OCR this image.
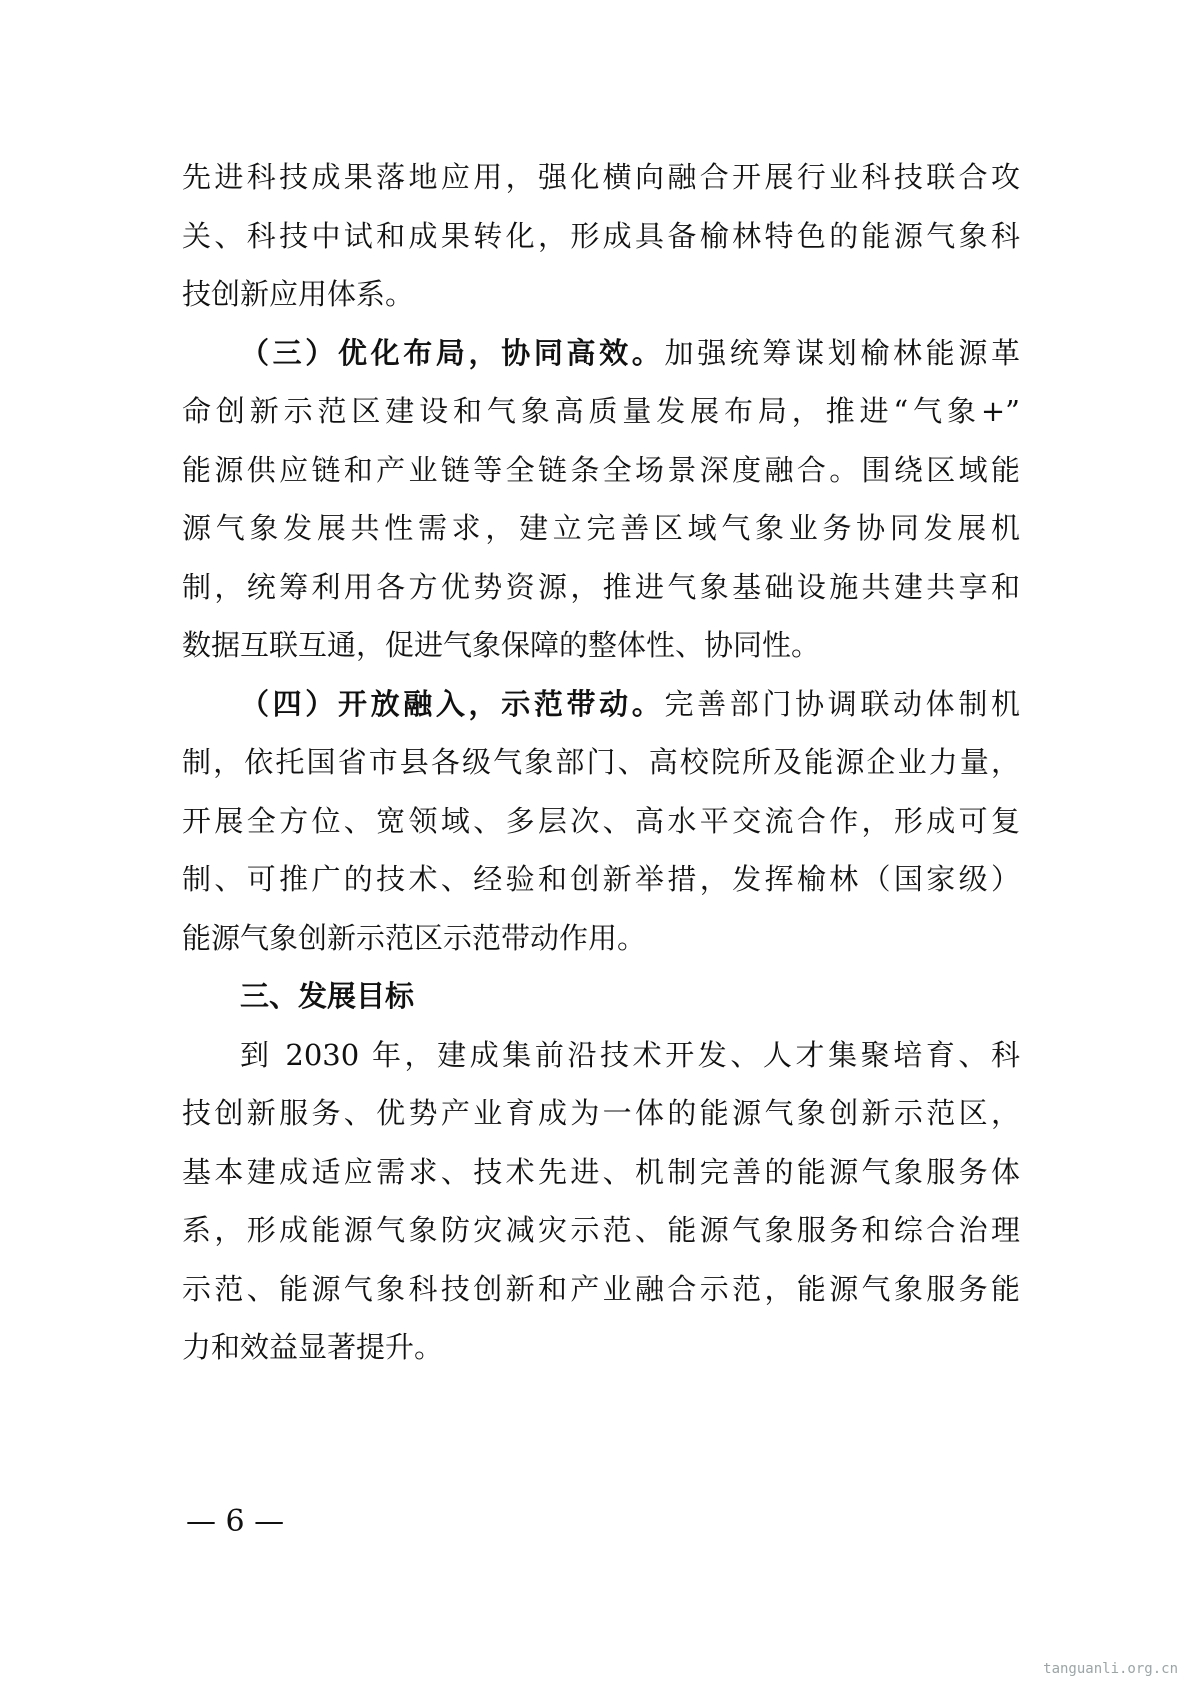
先进科技成果落地应用，强化横向融合开展行业科技联合攻
关、科技中试和成果转化，形成具备榆林特色的能源气象科
技创新应用体系。
（三）优化布局，协同高效。加强统筹谋划榆林能源革
命创新示范区建设和气象高质量发展布局，推进“气象+”
能源供应链和产业链等全链条全场景深度融合。围绕区域能
源气象发展共性需求，建立完善区域气象业务协同发展机
制，统筹利用各方优势资源，推进气象基础设施共建共享和
数据互联互通，促进气象保障的整体性、协同性。
（四）开放融入，示范带动。完善部门协调联动体制机
制，依托国省市县各级气象部门、高校院所及能源企业力量，
开展全方位、宽领域、多层次、高水平交流合作，形成可复
制、可推广的技术、经验和创新举措，发挥榆林（国家级）
能源气象创新示范区示范带动作用。
三、发展目标
到 2030 年，建成集前沿技术开发、人才集聚培育、科
技创新服务、优势产业育成为一体的能源气象创新示范区，
基本建成适应需求、技术先进、机制完善的能源气象服务体
系，形成能源气象防灾减灾示范、能源气象服务和综合治理
示范、能源气象科技创新和产业融合示范，能源气象服务能
力和效益显著提升。
— 6 —
tanguanli.org.cn
